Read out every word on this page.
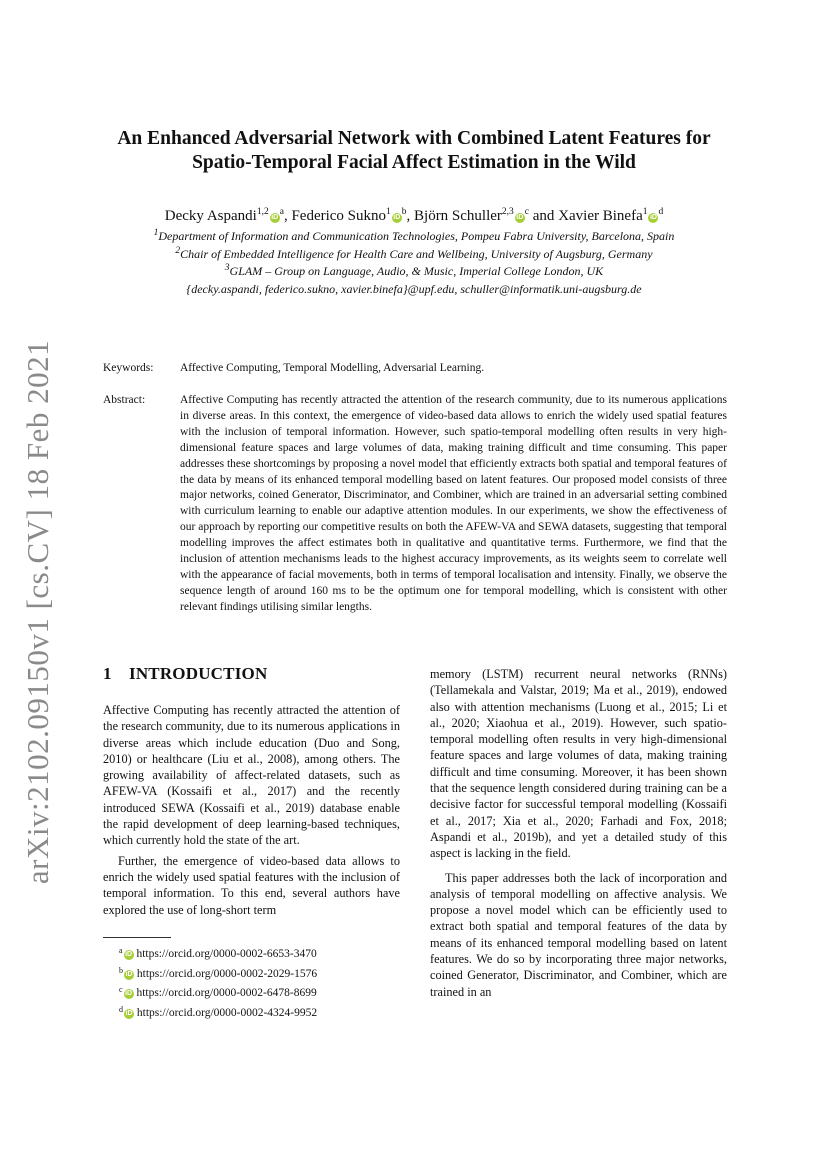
arXiv:2102.09150v1 [cs.CV] 18 Feb 2021
An Enhanced Adversarial Network with Combined Latent Features for
Spatio-Temporal Facial Affect Estimation in the Wild
Decky $Aspandi^{1,2}iD^a$, Federico $Sukno^1iD^b$, Björn $Schuller^{2,3}iD^c$ and Xavier $Binefa^1iD^d$
$^1$Department of Information and Communication Technologies, Pompeu Fabra University, Barcelona, Spain
$^2$Chair of Embedded Intelligence for Health Care and Wellbeing, University of Augsburg, Germany
$^3$GLAM – Group on Language, Audio, & Music, Imperial College London, UK
{decky.aspandi, federico.sukno, xavier.binefa}@upf.edu, schuller@informatik.uni-augsburg.de
Keywords: Affective Computing, Temporal Modelling, Adversarial Learning.
Abstract:	Affective Computing has recently attracted the attention of the research community, due to its numerous applications in diverse areas. In this context, the emergence of video-based data allows to enrich the widely used spatial features with the inclusion of temporal information. However, such spatio-temporal modelling often results in very high-dimensional feature spaces and large volumes of data, making training difficult and time consuming. This paper addresses these shortcomings by proposing a novel model that efficiently extracts both spatial and temporal features of the data by means of its enhanced temporal modelling based on latent features. Our proposed model consists of three major networks, coined Generator, Discriminator, and Combiner, which are trained in an adversarial setting combined with curriculum learning to enable our adaptive attention modules. In our experiments, we show the effectiveness of our approach by reporting our competitive results on both the AFEW-VA and SEWA datasets, suggesting that temporal modelling improves the affect estimates both in qualitative and quantitative terms. Furthermore, we find that the inclusion of attention mechanisms leads to the highest accuracy improvements, as its weights seem to correlate well with the appearance of facial movements, both in terms of temporal localisation and intensity. Finally, we observe the sequence length of around 160 ms to be the optimum one for temporal modelling, which is consistent with other relevant findings utilising similar lengths.
1 INTRODUCTION

Affective Computing has recently attracted the attention of the research community, due to its numerous applications in diverse areas which include education (Duo and Song, 2010) or healthcare (Liu et al., 2008), among others. The growing availability of affect-related datasets, such as AFEW-VA (Kossaifi et al., 2017) and the recently introduced SEWA (Kossaifi et al., 2019) database enable the rapid development of deep learning-based techniques, which currently hold the state of the art.

Further, the emergence of video-based data allows to enrich the widely used spatial features with the inclusion of temporal information. To this end, several authors have explored the use of long-short term

$^a$ iD https://orcid.org/0000-0002-6653-3470
$^b$ iD https://orcid.org/0000-0002-2029-1576
$^c$ iD https://orcid.org/0000-0002-6478-8699
$^d$ iD https://orcid.org/0000-0002-4324-9952

memory (LSTM) recurrent neural networks (RNNs) (Tellamekala and Valstar, 2019; Ma et al., 2019), endowed also with attention mechanisms (Luong et al., 2015; Li et al., 2020; Xiaohua et al., 2019). However, such spatio-temporal modelling often results in very high-dimensional feature spaces and large volumes of data, making training difficult and time consuming. Moreover, it has been shown that the sequence length considered during training can be a decisive factor for successful temporal modelling (Kossaifi et al., 2017; Xia et al., 2020; Farhadi and Fox, 2018; Aspandi et al., 2019b), and yet a detailed study of this aspect is lacking in the field.

This paper addresses both the lack of incorporation and analysis of temporal modelling on affective analysis. We propose a novel model which can be efficiently used to extract both spatial and temporal features of the data by means of its enhanced temporal modelling based on latent features. We do so by incorporating three major networks, coined Generator, Discriminator, and Combiner, which are trained in an
